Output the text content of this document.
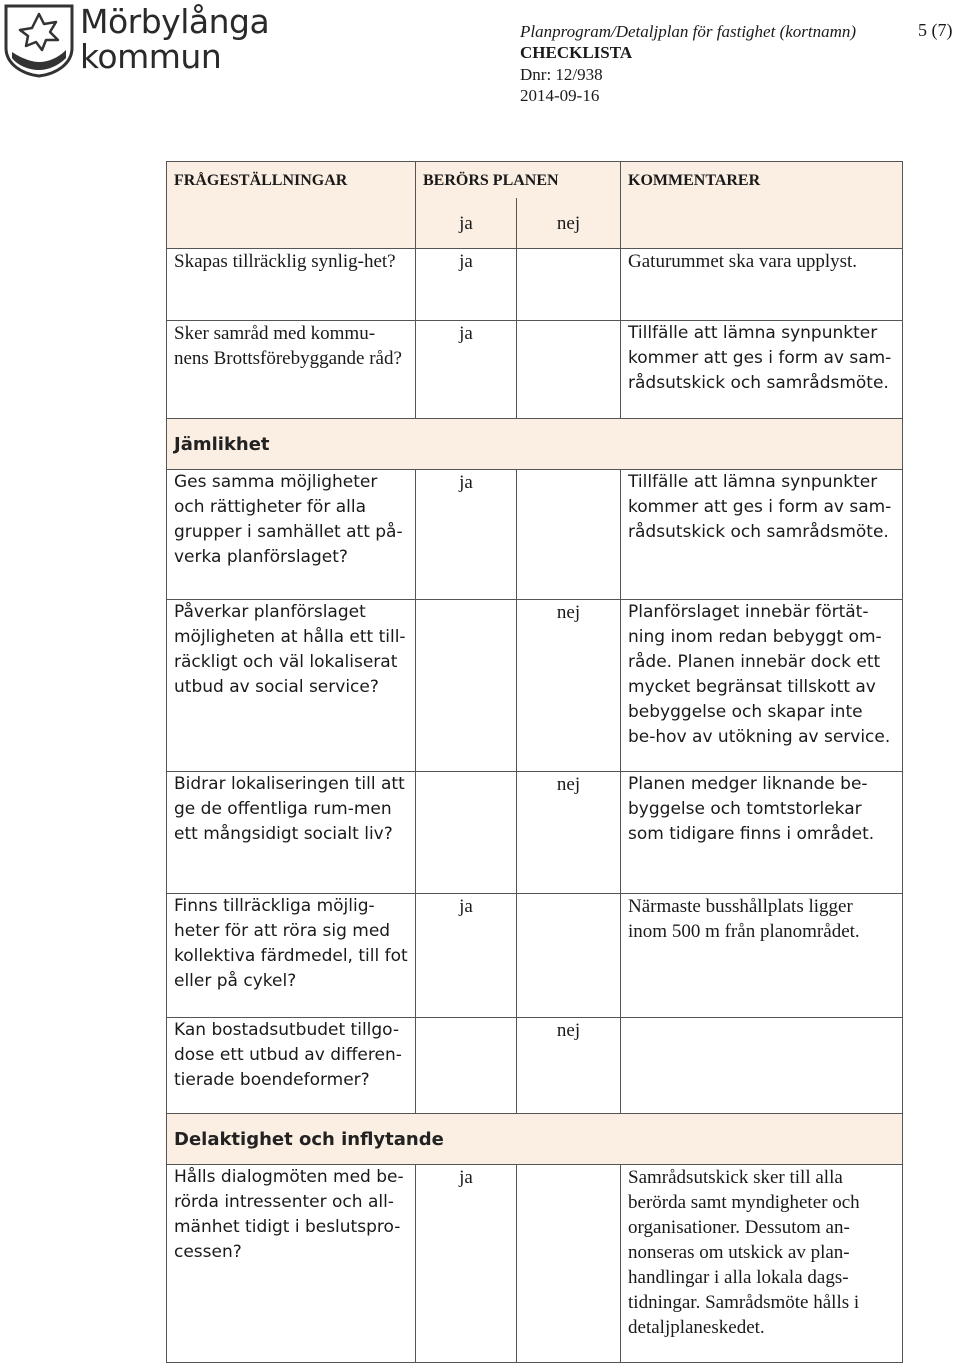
Mörbylånga
kommun
Planprogram/Detaljplan för fastighet (kortnamn)	5 (7)
CHECKLISTA
Dnr: 12/938
2014-09-16
FRÅGESTÄLLNINGAR	BERÖRS PLANEN		KOMMENTARER
	ja	nej	
Skapas tillräcklig synlig-het?	ja		Gaturummet ska vara upplyst.
Sker samråd med kommu-nens Brottsförebyggande råd?	ja		Tillfälle att lämna synpunkter kommer att ges i form av sam-rådsutskick och samrådsmöte.
Jämlikhet			
Ges samma möjligheter och rättigheter för alla grupper i samhället att på-verka planförslaget?	ja		Tillfälle att lämna synpunkter kommer att ges i form av sam-rådsutskick och samrådsmöte.
Påverkar planförslaget möjligheten at hålla ett till-räckligt och väl lokaliserat utbud av social service?		nej	Planförslaget innebär förtät-ning inom redan bebyggt om-råde. Planen innebär dock ett mycket begränsat tillskott av bebyggelse och skapar inte be-hov av utökning av service.
Bidrar lokaliseringen till att ge de offentliga rum-men ett mångsidigt socialt liv?		nej	Planen medger liknande be-byggelse och tomtstorlekar som tidigare finns i området.
Finns tillräckliga möjlig-heter för att röra sig med kollektiva färdmedel, till fot eller på cykel?	ja		Närmaste busshållplats ligger inom 500 m från planområdet.
Kan bostadsutbudet tillgo-dose ett utbud av differen-tierade boendeformer?		nej	
Delaktighet och inflytande			
Hålls dialogmöten med be-rörda intressenter och all-mänhet tidigt i beslutspro-cessen?	ja		Samrådsutskick sker till alla berörda samt myndigheter och organisationer. Dessutom an-nonseras om utskick av plan-handlingar i alla lokala dags-tidningar. Samrådsmöte hålls i detaljplaneskedet.
